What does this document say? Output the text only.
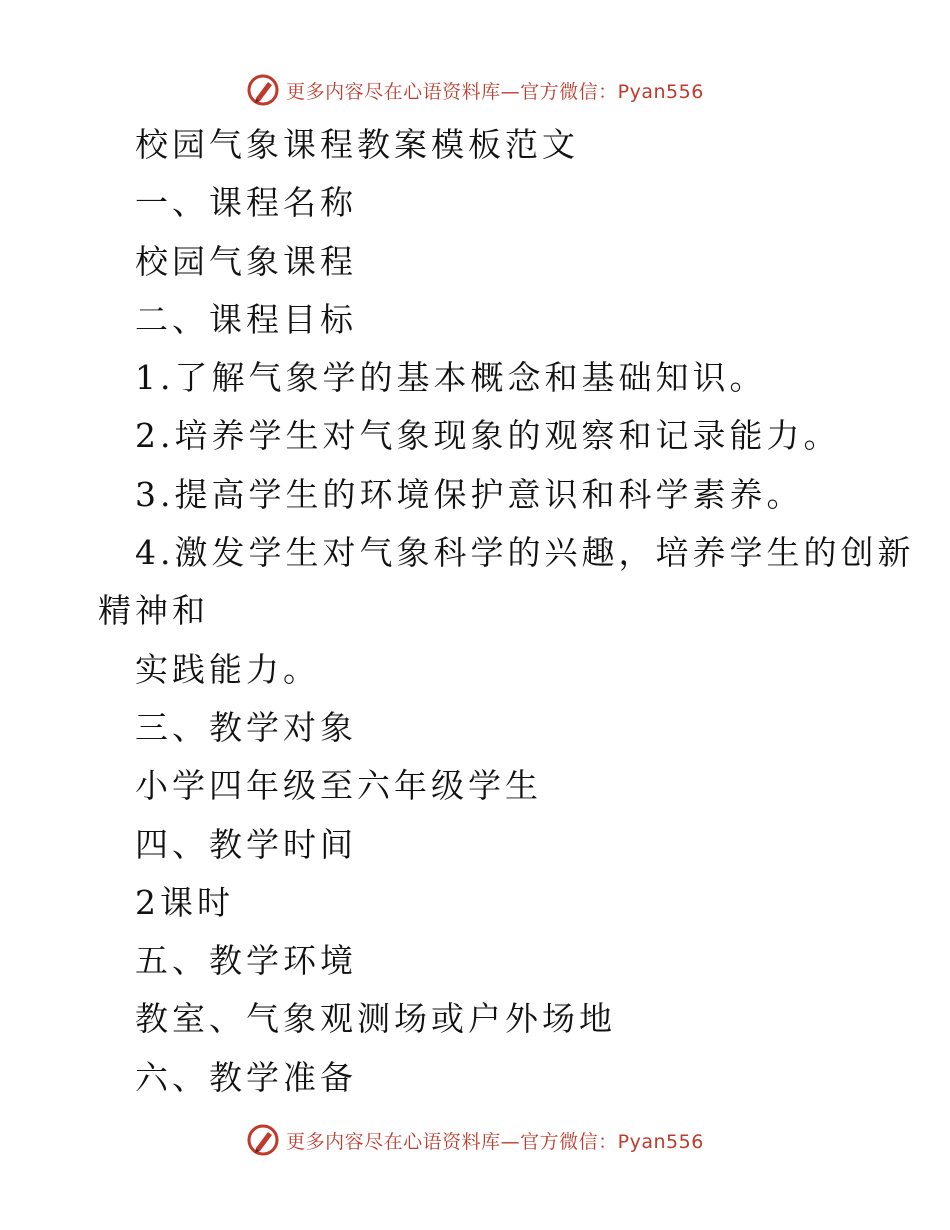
更多内容尽在心语资料库—官方微信：Pyan556
校园气象课程教案模板范文
一、课程名称
校园气象课程
二、课程目标
1.了解气象学的基本概念和基础知识。
2.培养学生对气象现象的观察和记录能力。
3.提高学生的环境保护意识和科学素养。
4.激发学生对气象科学的兴趣，培养学生的创新
精神和
实践能力。
三、教学对象
小学四年级至六年级学生
四、教学时间
2课时
五、教学环境
教室、气象观测场或户外场地
六、教学准备
更多内容尽在心语资料库—官方微信：Pyan556
